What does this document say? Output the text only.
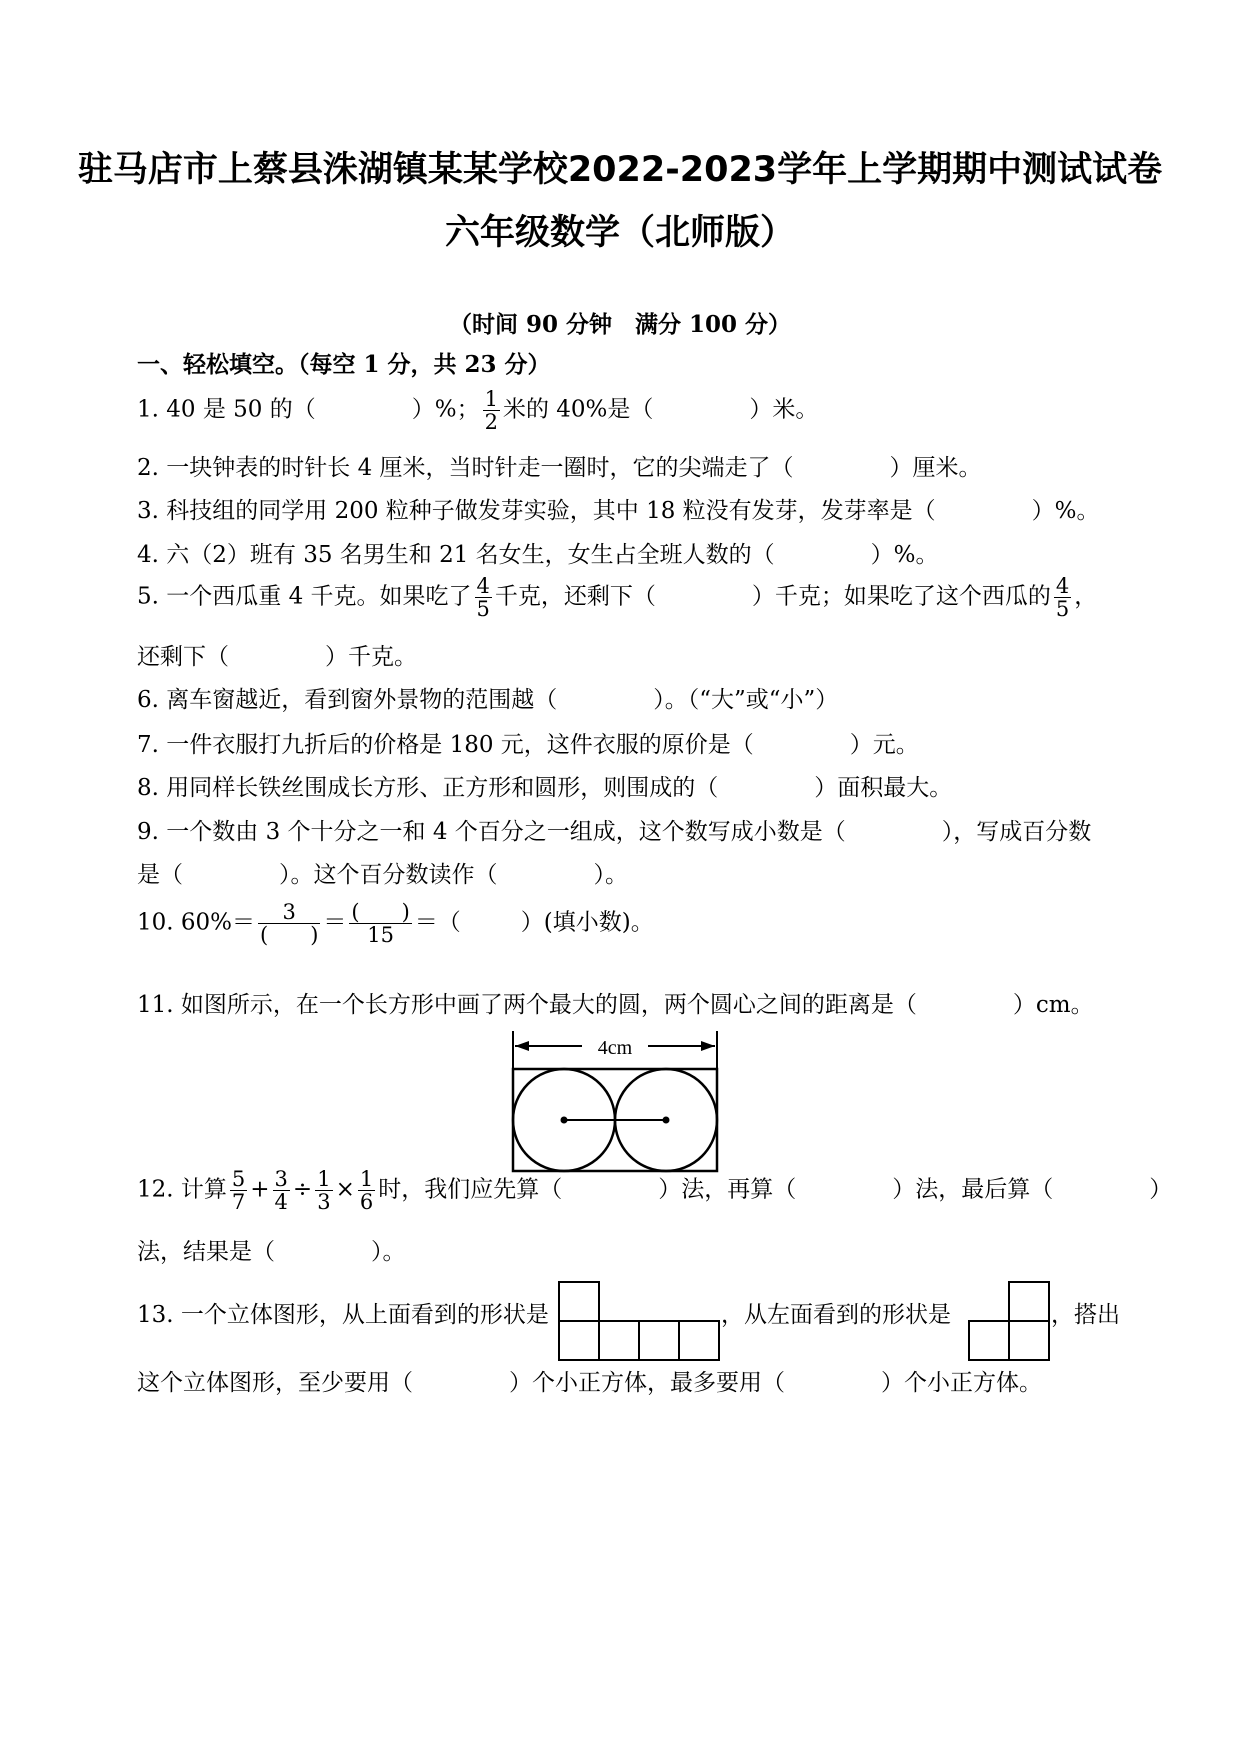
驻马店市上蔡县洙湖镇某某学校2022-2023学年上学期期中测试试卷
六年级数学（北师版）
（时间 90 分钟　满分 100 分）
一、轻松填空。（每空 1 分，共 23 分）
1. 40 是 50 的（	）%； $\frac{1}{2}$ 米的 40%是（	）米。
2. 一块钟表的时针长 4 厘米，当时针走一圈时，它的尖端走了（	）厘米。
3. 科技组的同学用 200 粒种子做发芽实验，其中 18 粒没有发芽，发芽率是（	）%。
4. 六（2）班有 35 名男生和 21 名女生，女生占全班人数的（	）%。
5. 一个西瓜重 4 千克。如果吃了 $\frac{4}{5}$ 千克，还剩下（	）千克；如果吃了这个西瓜的 $\frac{4}{5}$ ，
还剩下（	）千克。
6. 离车窗越近，看到窗外景物的范围越（	）。（“大”或“小”）
7. 一件衣服打九折后的价格是 180 元，这件衣服的原价是（	）元。
8. 用同样长铁丝围成长方形、正方形和圆形，则围成的（	）面积最大。
9. 一个数由 3 个十分之一和 4 个百分之一组成，这个数写成小数是（	），写成百分数
是（	）。这个百分数读作（	）。
10. $60\%= \frac{3}{( )} = \frac{( )}{15}$ ＝（	）(填小数)。
11. 如图所示，在一个长方形中画了两个最大的圆，两个圆心之间的距离是（	）cm。
4cm
12. 计算 $\frac{5}{7} + \frac{3}{4} \div \frac{1}{3} \times \frac{1}{6}$ 时，我们应先算（	）法，再算（	）法，最后算（	）
法，结果是（	）。
13. 一个立体图形，从上面看到的形状是	，从左面看到的形状是	，搭出
这个立体图形，至少要用（	）个小正方体，最多要用（	）个小正方体。
